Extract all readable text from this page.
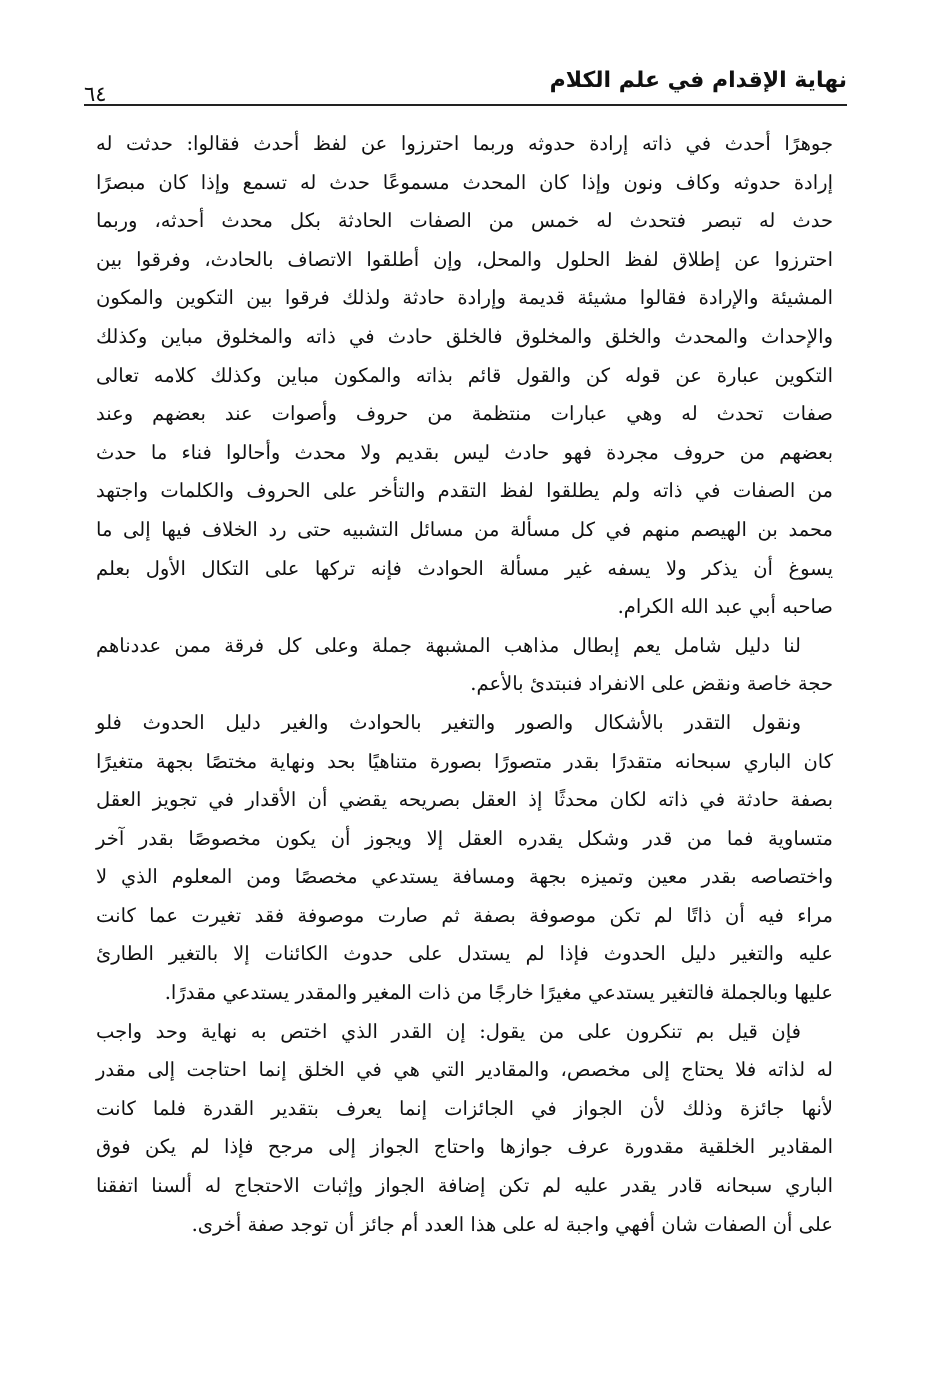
نهاية الإقدام في علم الكلام
٦٤
جوهرًا أحدث في ذاته إرادة حدوثه وربما احترزوا عن لفظ أحدث فقالوا: حدثت له
إرادة حدوثه وكاف ونون وإذا كان المحدث مسموعًا حدث له تسمع وإذا كان مبصرًا
حدث له تبصر فتحدث له خمس من الصفات الحادثة بكل محدث أحدثه، وربما
احترزوا عن إطلاق لفظ الحلول والمحل، وإن أطلقوا الاتصاف بالحادث، وفرقوا بين
المشيئة والإرادة فقالوا مشيئة قديمة وإرادة حادثة ولذلك فرقوا بين التكوين والمكون
والإحداث والمحدث والخلق والمخلوق فالخلق حادث في ذاته والمخلوق مباين وكذلك
التكوين عبارة عن قوله كن والقول قائم بذاته والمكون مباين وكذلك كلامه تعالى
صفات تحدث له وهي عبارات منتظمة من حروف وأصوات عند بعضهم وعند
بعضهم من حروف مجردة فهو حادث ليس بقديم ولا محدث وأحالوا فناء ما حدث
من الصفات في ذاته ولم يطلقوا لفظ التقدم والتأخر على الحروف والكلمات واجتهد
محمد بن الهيصم منهم في كل مسألة من مسائل التشبيه حتى رد الخلاف فيها إلى ما
يسوغ أن يذكر ولا يسفه غير مسألة الحوادث فإنه تركها على التكال الأول بعلم
صاحبه أبي عبد الله الكرام.
لنا دليل شامل يعم إبطال مذاهب المشبهة جملة وعلى كل فرقة ممن عددناهم
حجة خاصة ونقض على الانفراد فنبتدئ بالأعم.
ونقول التقدر بالأشكال والصور والتغير بالحوادث والغير دليل الحدوث فلو
كان الباري سبحانه متقدرًا بقدر متصورًا بصورة متناهيًا بحد ونهاية مختصًا بجهة متغيرًا
بصفة حادثة في ذاته لكان محدثًا إذ العقل بصريحه يقضي أن الأقدار في تجويز العقل
متساوية فما من قدر وشكل يقدره العقل إلا ويجوز أن يكون مخصوصًا بقدر آخر
واختصاصه بقدر معين وتميزه بجهة ومسافة يستدعي مخصصًا ومن المعلوم الذي لا
مراء فيه أن ذاتًا لم تكن موصوفة بصفة ثم صارت موصوفة فقد تغيرت عما كانت
عليه والتغير دليل الحدوث فإذا لم يستدل على حدوث الكائنات إلا بالتغير الطارئ
عليها وبالجملة فالتغير يستدعي مغيرًا خارجًا من ذات المغير والمقدر يستدعي مقدرًا.
فإن قيل بم تنكرون على من يقول: إن القدر الذي اختص به نهاية وحد واجب
له لذاته فلا يحتاج إلى مخصص، والمقادير التي هي في الخلق إنما احتاجت إلى مقدر
لأنها جائزة وذلك لأن الجواز في الجائزات إنما يعرف بتقدير القدرة فلما كانت
المقادير الخلقية مقدورة عرف جوازها واحتاج الجواز إلى مرجح فإذا لم يكن فوق
الباري سبحانه قادر يقدر عليه لم تكن إضافة الجواز وإثبات الاحتجاج له ألسنا اتفقنا
على أن الصفات شان أفهي واجبة له على هذا العدد أم جائز أن توجد صفة أخرى.
